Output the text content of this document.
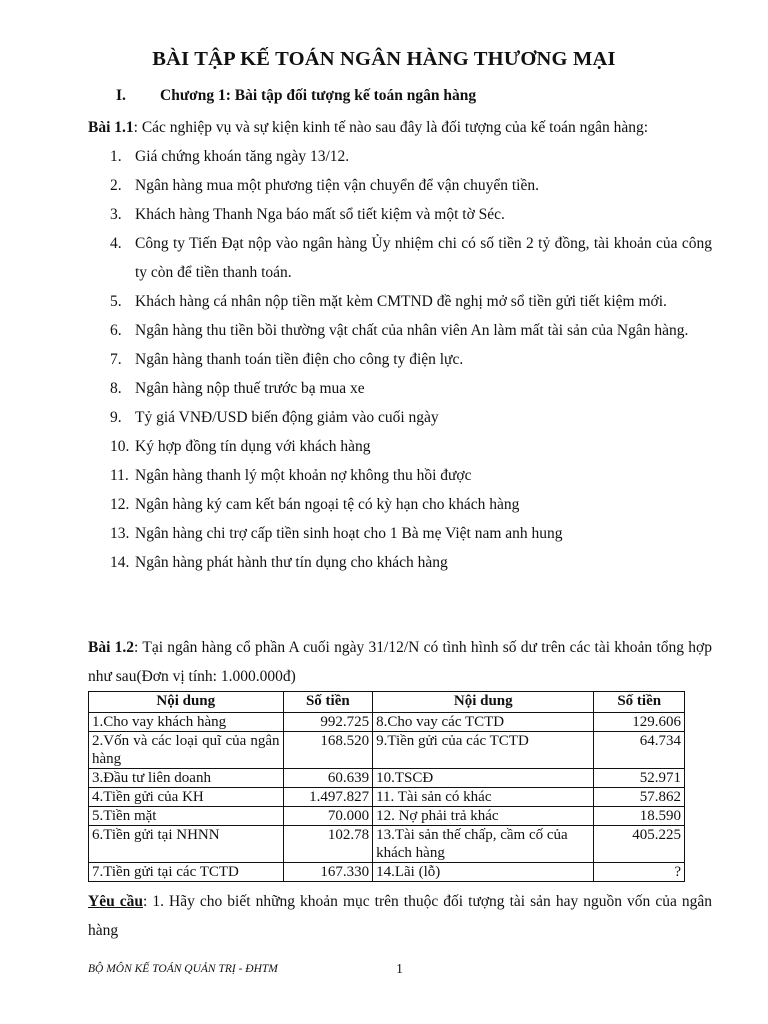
BÀI TẬP KẾ TOÁN NGÂN HÀNG THƯƠNG MẠI
I. Chương 1: Bài tập đối tượng kế toán ngân hàng
Bài 1.1: Các nghiệp vụ và sự kiện kinh tế nào sau đây là đối tượng của kế toán ngân hàng:
1. Giá chứng khoán tăng ngày 13/12.
2. Ngân hàng mua một phương tiện vận chuyển để vận chuyển tiền.
3. Khách hàng Thanh Nga báo mất sổ tiết kiệm và một tờ Séc.
4. Công ty Tiến Đạt nộp vào ngân hàng Ủy nhiệm chi có số tiền 2 tỷ đồng, tài khoản của công ty còn để tiền thanh toán.
5. Khách hàng cá nhân nộp tiền mặt kèm CMTND đề nghị mở sổ tiền gửi tiết kiệm mới.
6. Ngân hàng thu tiền bồi thường vật chất của nhân viên An làm mất tài sản của Ngân hàng.
7. Ngân hàng thanh toán tiền điện cho công ty điện lực.
8. Ngân hàng nộp thuế trước bạ mua xe
9. Tỷ giá VNĐ/USD biến động giảm vào cuối ngày
10. Ký hợp đồng tín dụng với khách hàng
11. Ngân hàng thanh lý một khoản nợ không thu hồi được
12. Ngân hàng ký cam kết bán ngoại tệ có kỳ hạn cho khách hàng
13. Ngân hàng chi trợ cấp tiền sinh hoạt cho 1 Bà mẹ Việt nam anh hung
14. Ngân hàng phát hành thư tín dụng cho khách hàng
Bài 1.2: Tại ngân hàng cổ phần A cuối ngày 31/12/N có tình hình số dư trên các tài khoản tổng hợp như sau(Đơn vị tính: 1.000.000đ)
Nội dung	Số tiền	Nội dung	Số tiền
1.Cho vay khách hàng	992.725	8.Cho vay các TCTD	129.606
2.Vốn và các loại quĩ của ngân hàng	168.520	9.Tiền gửi của các TCTD	64.734
3.Đầu tư liên doanh	60.639	10.TSCĐ	52.971
4.Tiền gửi của KH	1.497.827	11. Tài sản có khác	57.862
5.Tiền mặt	70.000	12. Nợ phải trả khác	18.590
6.Tiền gửi tại NHNN	102.78	13.Tài sản thế chấp, cầm cố của khách hàng	405.225
7.Tiền gửi tại các TCTD	167.330	14.Lãi (lỗ)	?
Yêu cầu: 1. Hãy cho biết những khoản mục trên thuộc đối tượng tài sản hay nguồn vốn của ngân hàng
BỘ MÔN KẾ TOÁN QUẢN TRỊ - ĐHTM	1
